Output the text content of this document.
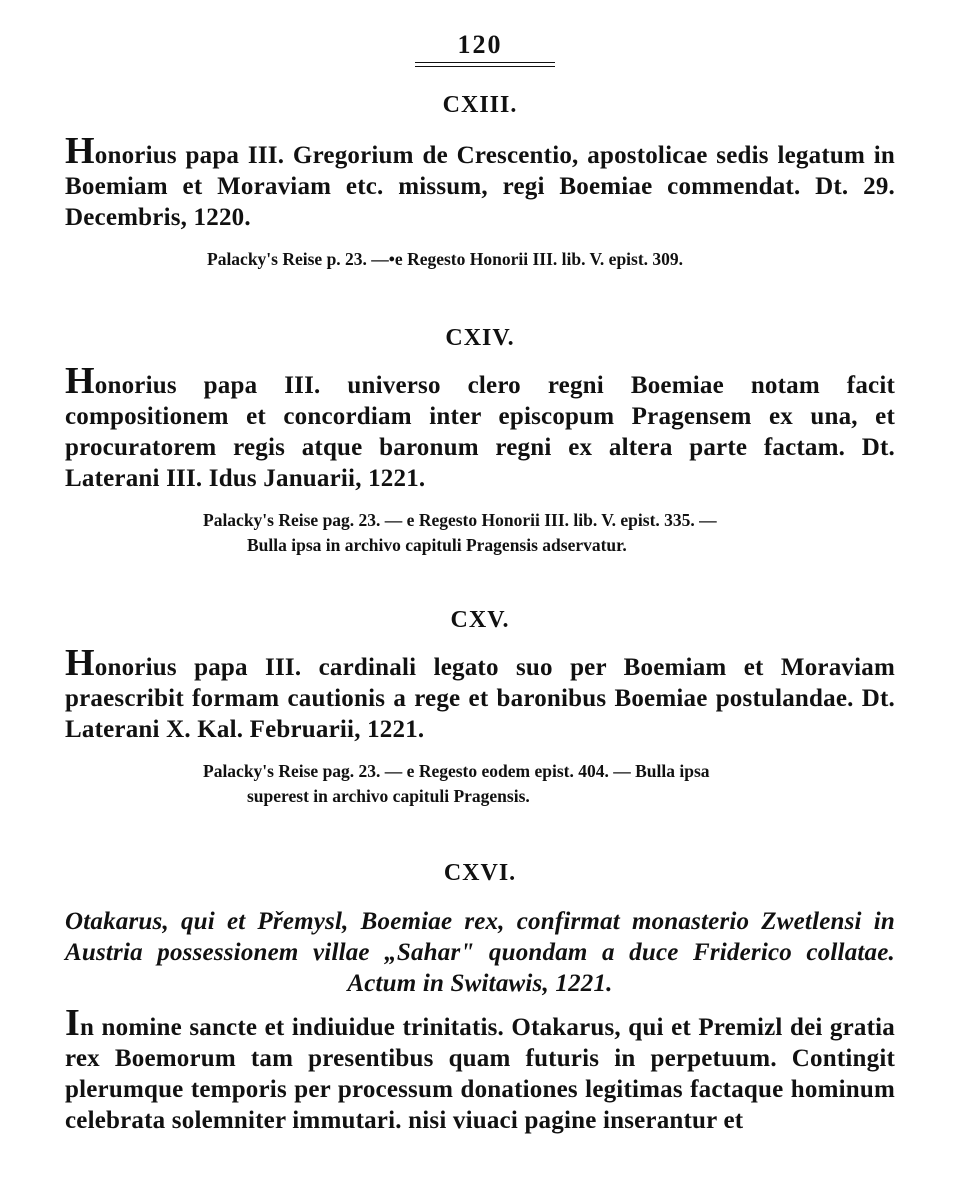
120
CXIII.
Honorius papa III. Gregorium de Crescentio, apostolicae sedis legatum in Boemiam et Moraviam etc. missum, regi Boemiae commendat. Dt. 29. Decembris, 1220.
Palacky's Reise p. 23. —•e Regesto Honorii III. lib. V. epist. 309.
CXIV.
Honorius papa III. universo clero regni Boemiae notam facit compositionem et concordiam inter episcopum Pragensem ex una, et procuratorem regis atque baronum regni ex altera parte factam. Dt. Laterani III. Idus Januarii, 1221.
Palacky's Reise pag. 23. — e Regesto Honorii III. lib. V. epist. 335. —
Bulla ipsa in archivo capituli Pragensis adservatur.
CXV.
Honorius papa III. cardinali legato suo per Boemiam et Moraviam praescribit formam cautionis a rege et baronibus Boemiae postulandae. Dt. Laterani X. Kal. Februarii, 1221.
Palacky's Reise pag. 23. — e Regesto eodem epist. 404. — Bulla ipsa
superest in archivo capituli Pragensis.
CXVI.
Otakarus, qui et Přemysl, Boemiae rex, confirmat monasterio Zwetlensi in Austria possessionem villae „Sahar" quondam a duce Friderico collatae. Actum in Switawis, 1221.
In nomine sancte et indiuidue trinitatis. Otakarus, qui et Premizl dei gratia rex Boemorum tam presentibus quam futuris in perpetuum. Contingit plerumque temporis per processum donationes legitimas factaque hominum celebrata solemniter immutari. nisi viuaci pagine inserantur et
